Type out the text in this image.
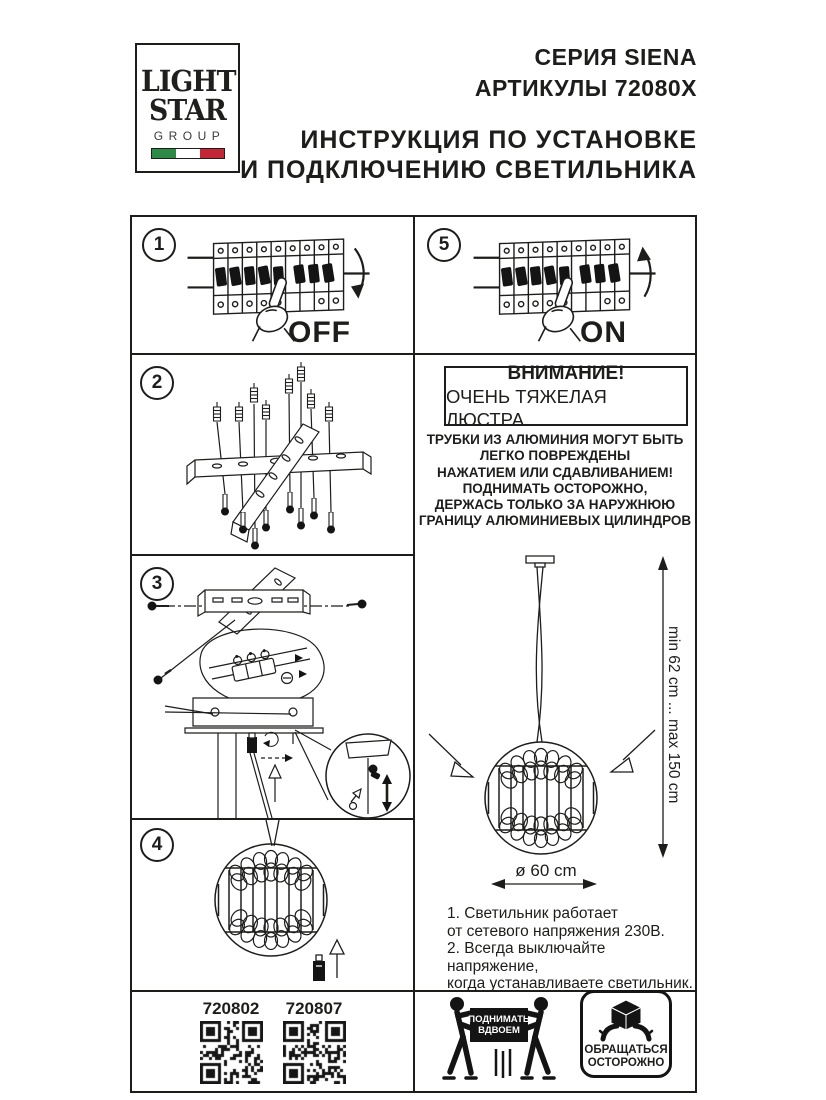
LIGHT
STAR
GROUP
СЕРИЯ SIENA
АРТИКУЛЫ 72080X
ИНСТРУКЦИЯ ПО УСТАНОВКЕ
И ПОДКЛЮЧЕНИЮ СВЕТИЛЬНИКА
1	5
2
3
4
OFF	ON
ВНИМАНИЕ!
ОЧЕНЬ ТЯЖЕЛАЯ ЛЮСТРА
ТРУБКИ ИЗ АЛЮМИНИЯ МОГУТ БЫТЬ
ЛЕГКО ПОВРЕЖДЕНЫ
НАЖАТИЕМ ИЛИ СДАВЛИВАНИЕМ!
ПОДНИМАТЬ ОСТОРОЖНО,
ДЕРЖАСЬ ТОЛЬКО ЗА НАРУЖНЮЮ
ГРАНИЦУ АЛЮМИНИЕВЫХ ЦИЛИНДРОВ
min 62 cm ... max 150 cm
ø 60 cm
1. Светильник работает
от сетевого напряжения 230В.
2. Всегда выключайте напряжение,
когда устанавливаете светильник.
720802	720807
ПОДНИМАТЬ
ВДВОЕМ
ОБРАЩАТЬСЯ
ОСТОРОЖНО
